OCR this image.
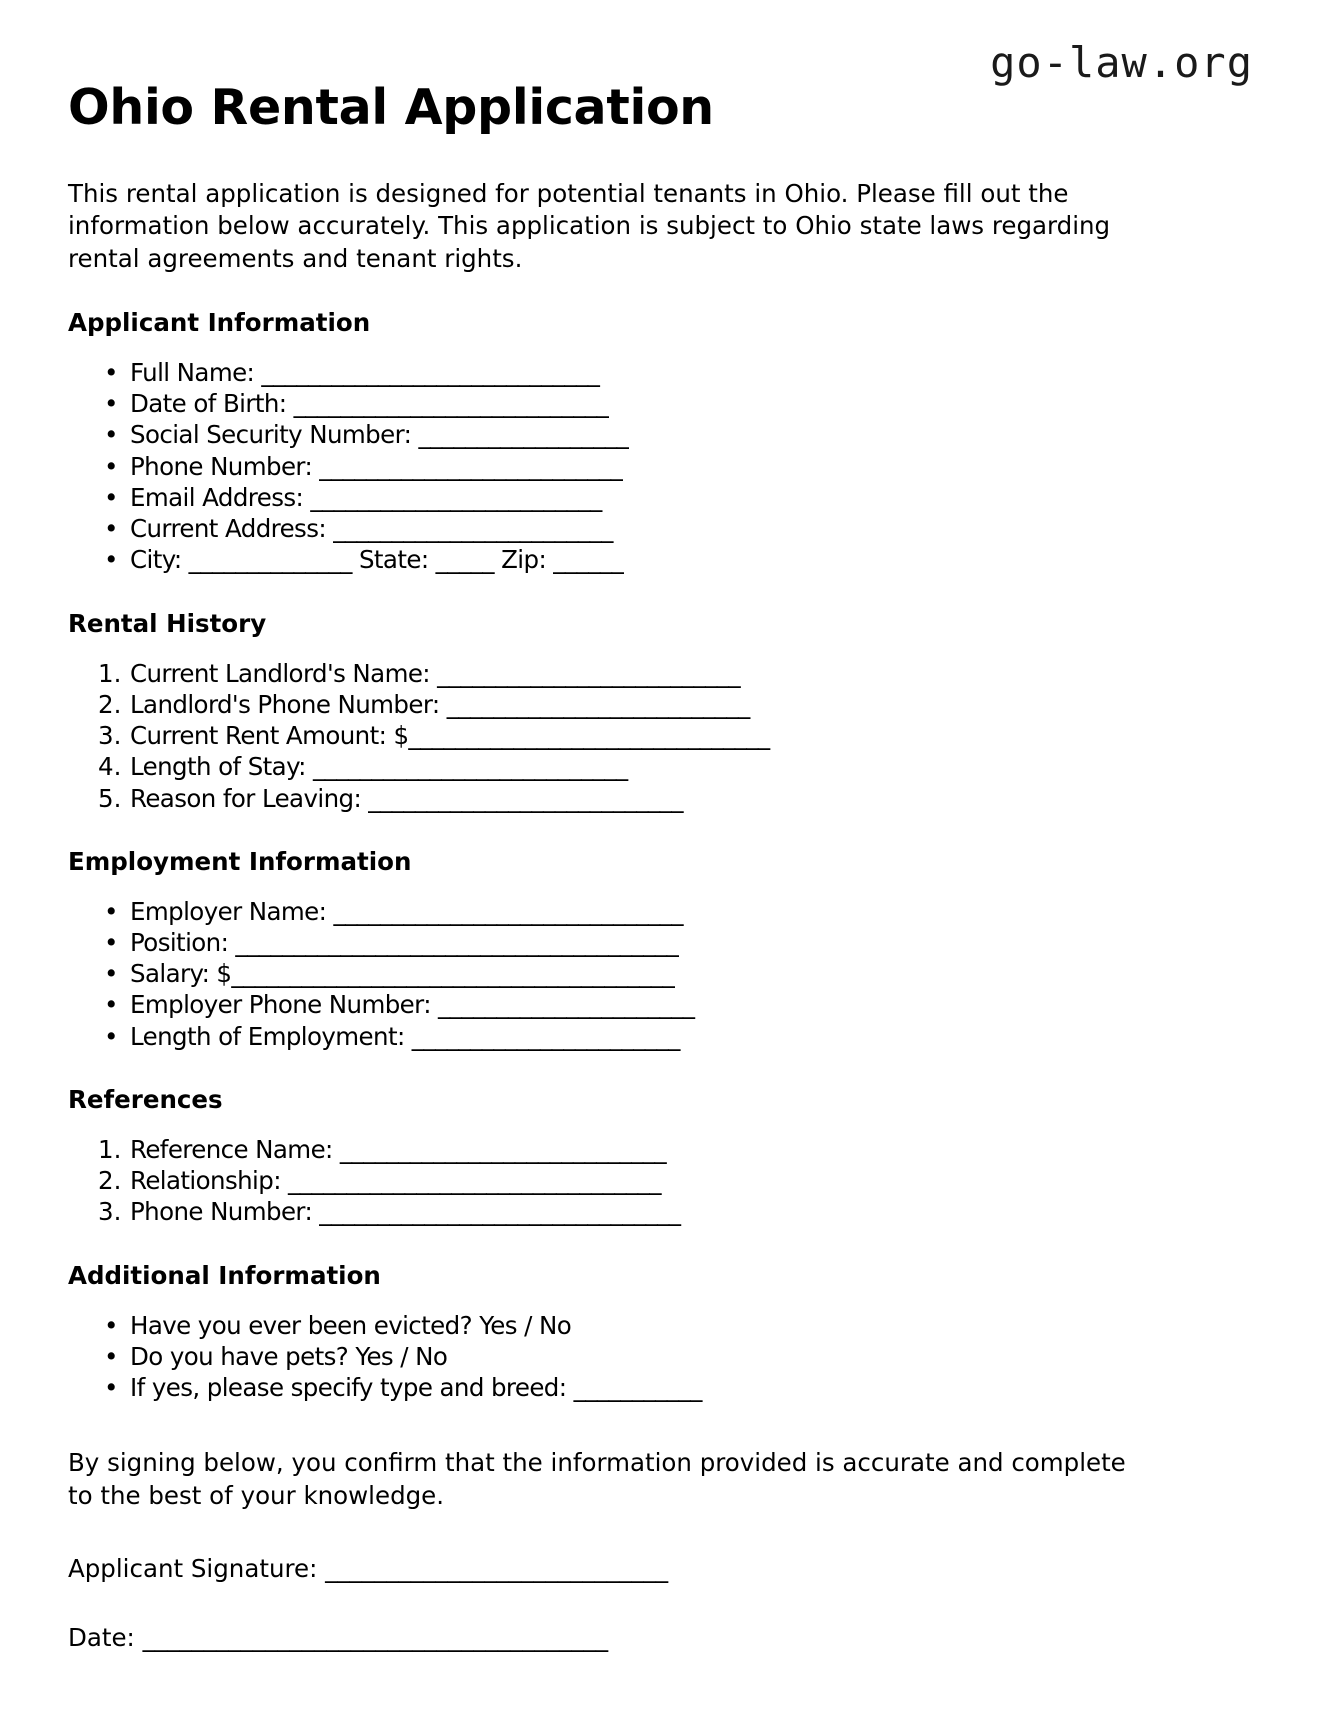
go-law.org
Ohio Rental Application

This rental application is designed for potential tenants in Ohio. Please fill out the information below accurately. This application is subject to Ohio state laws regarding rental agreements and tenant rights.

Applicant Information
• Full Name: _____________________________
• Date of Birth: ___________________________
• Social Security Number: __________________
• Phone Number: __________________________
• Email Address: _________________________
• Current Address: ________________________
• City: ______________ State: _____ Zip: ______
Rental History
1. Current Landlord's Name: __________________________
2. Landlord's Phone Number: __________________________
3. Current Rent Amount: $_______________________________
4. Length of Stay: ___________________________
5. Reason for Leaving: ___________________________
Employment Information
• Employer Name: ______________________________
• Position: ______________________________________
• Salary: $______________________________________
• Employer Phone Number: ______________________
• Length of Employment: _______________________
References
1. Reference Name: ____________________________
2. Relationship: ________________________________
3. Phone Number: _______________________________
Additional Information
• Have you ever been evicted? Yes / No
• Do you have pets? Yes / No
• If yes, please specify type and breed: ___________

By signing below, you confirm that the information provided is accurate and complete to the best of your knowledge.

Applicant Signature: ____________________________

Date: ______________________________________
